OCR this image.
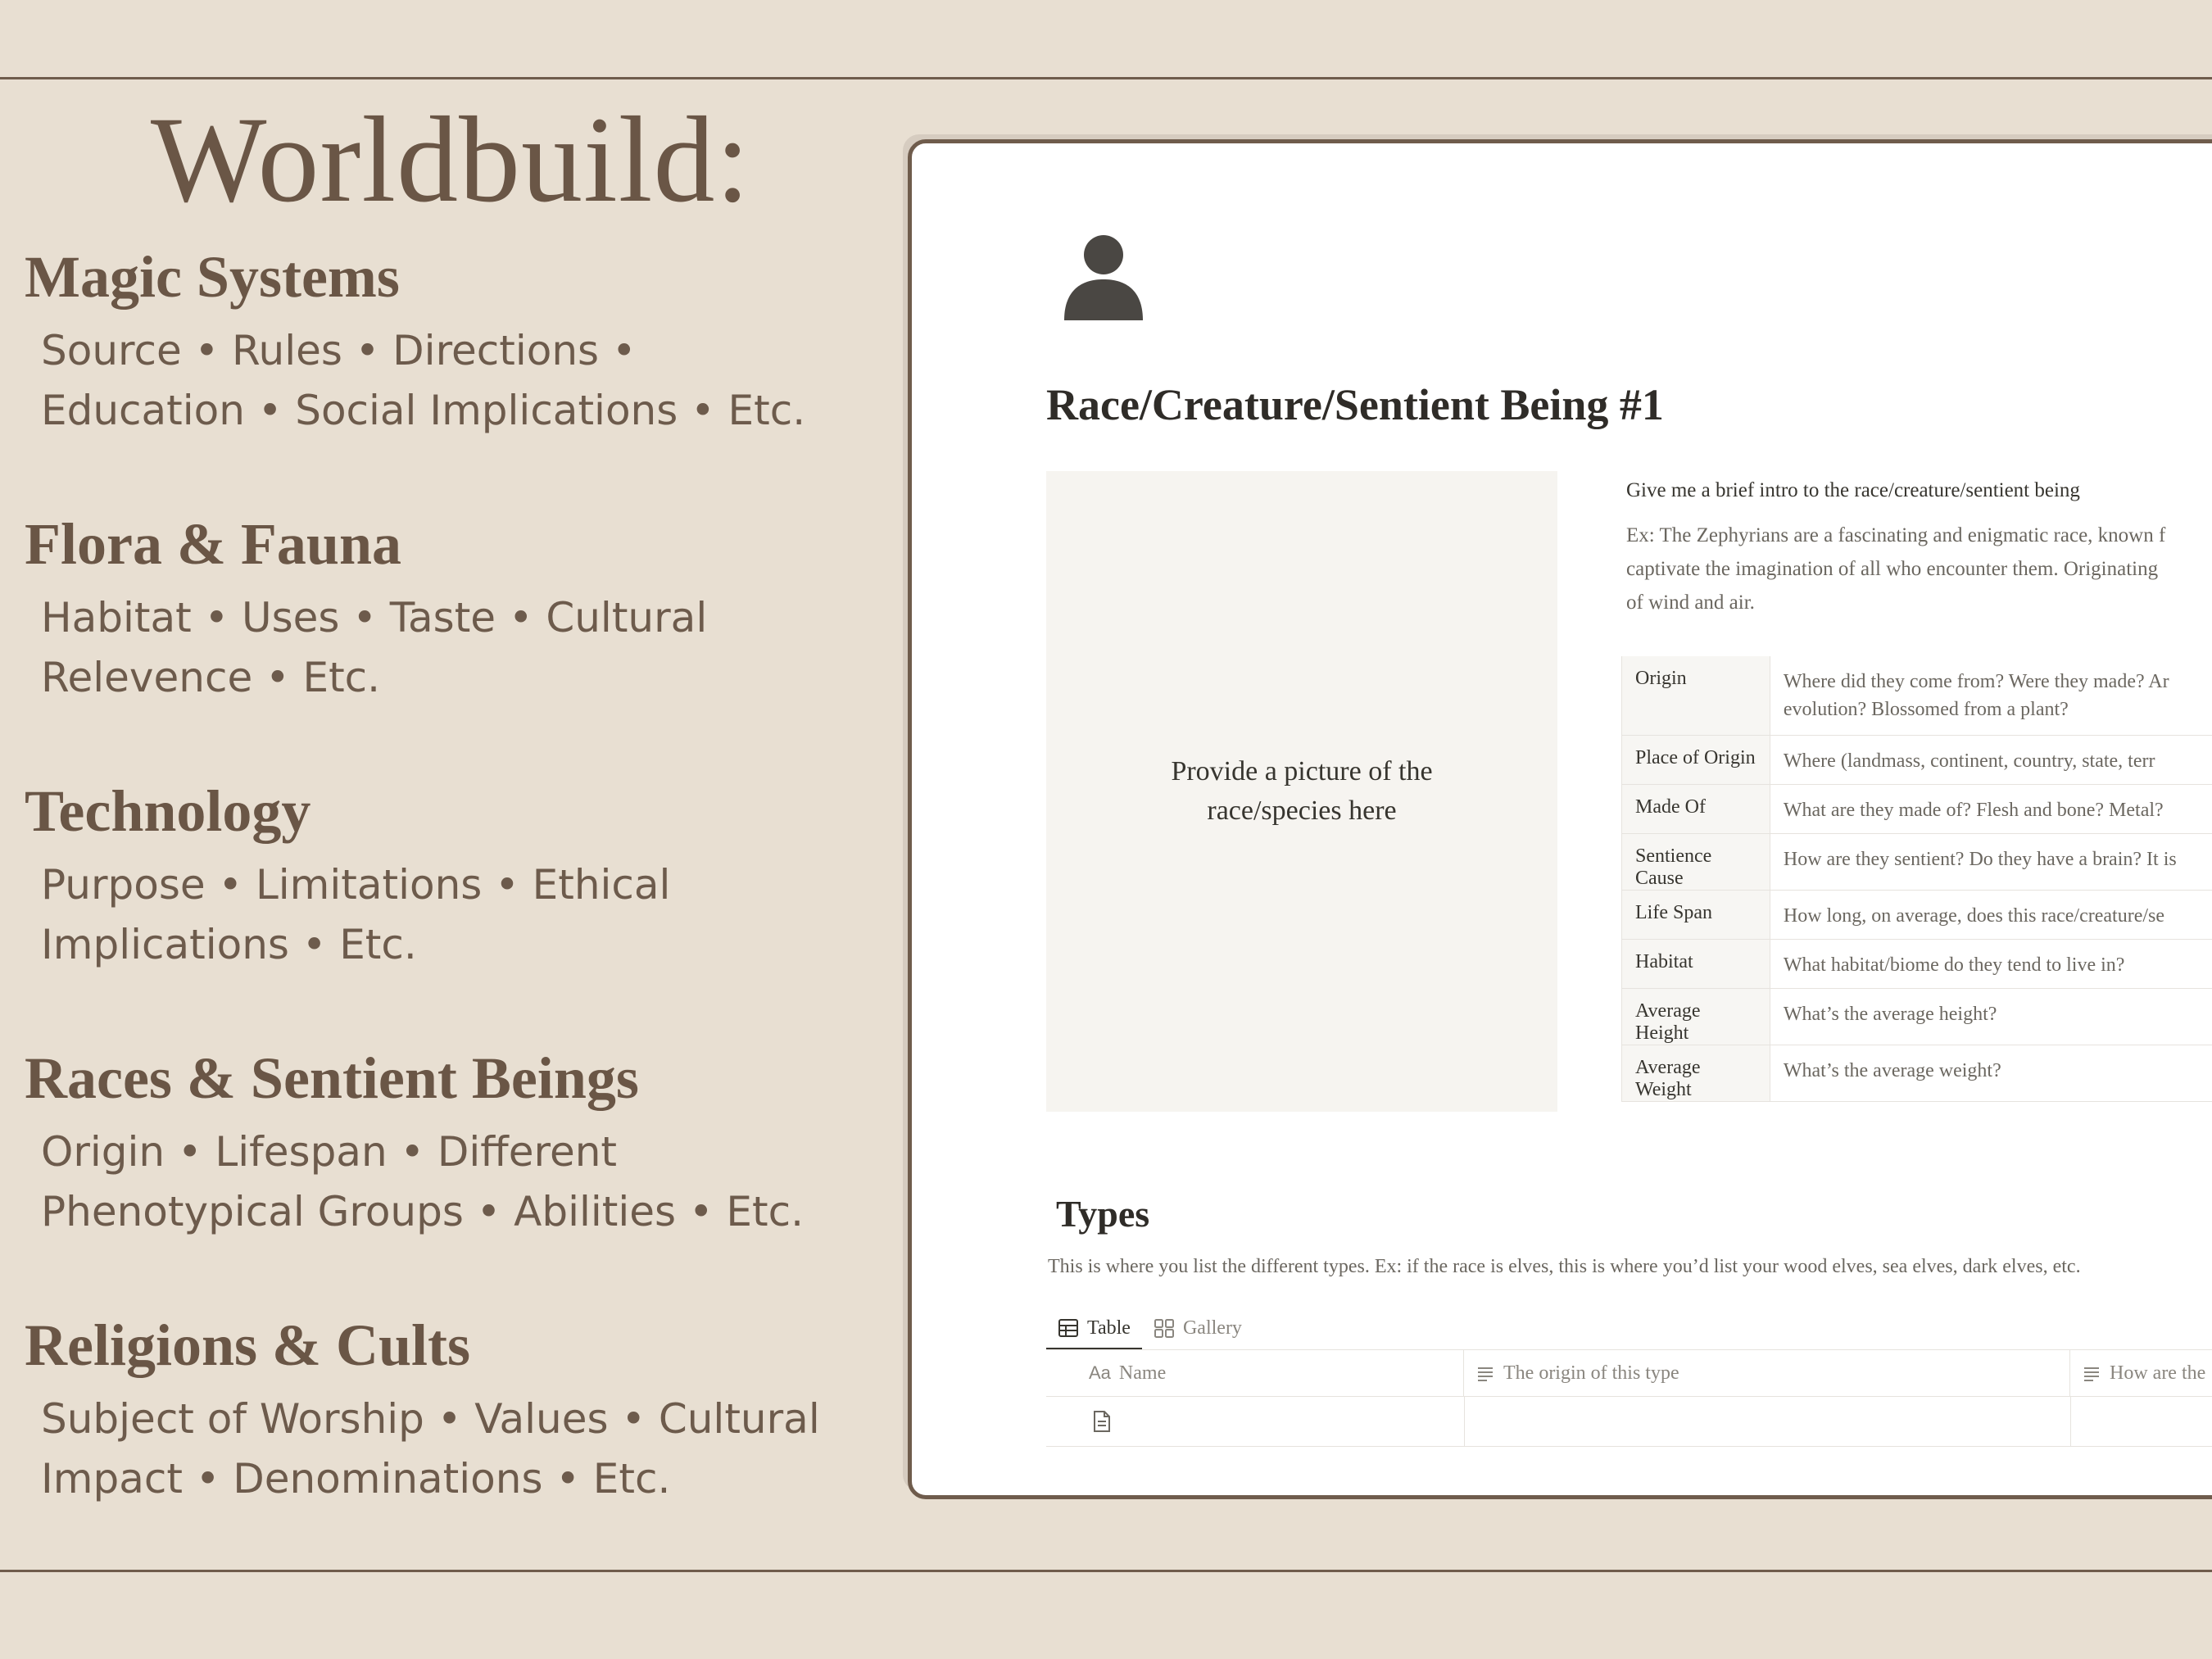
Worldbuild:
Magic Systems
Source • Rules • Directions •
Education • Social Implications • Etc.
Flora & Fauna
Habitat • Uses • Taste • Cultural
Relevence • Etc.
Technology
Purpose • Limitations • Ethical
Implications • Etc.
Races & Sentient Beings
Origin • Lifespan • Different
Phenotypical Groups • Abilities • Etc.
Religions & Cults
Subject of Worship • Values • Cultural
Impact • Denominations • Etc.
Race/Creature/Sentient Being #1
Provide a picture of the
race/species here
Give me a brief intro to the race/creature/sentient being
Ex: The Zephyrians are a fascinating and enigmatic race, known f
captivate the imagination of all who encounter them. Originating
of wind and air.
Origin	Where did they come from? Were they made? Ar
evolution? Blossomed from a plant?

Place of Origin	Where (landmass, continent, country, state, terr
Made Of	What are they made of? Flesh and bone? Metal?
Sentience Cause	How are they sentient? Do they have a brain? It is
Life Span	How long, on average, does this race/creature/se
Habitat	What habitat/biome do they tend to live in?
Average Height	What’s the average height?
Average Weight	What’s the average weight?
Types
This is where you list the different types. Ex: if the race is elves, this is where you’d list your wood elves, sea elves, dark elves, etc.
Table	Gallery
Aa Name	The origin of this type	How are the
